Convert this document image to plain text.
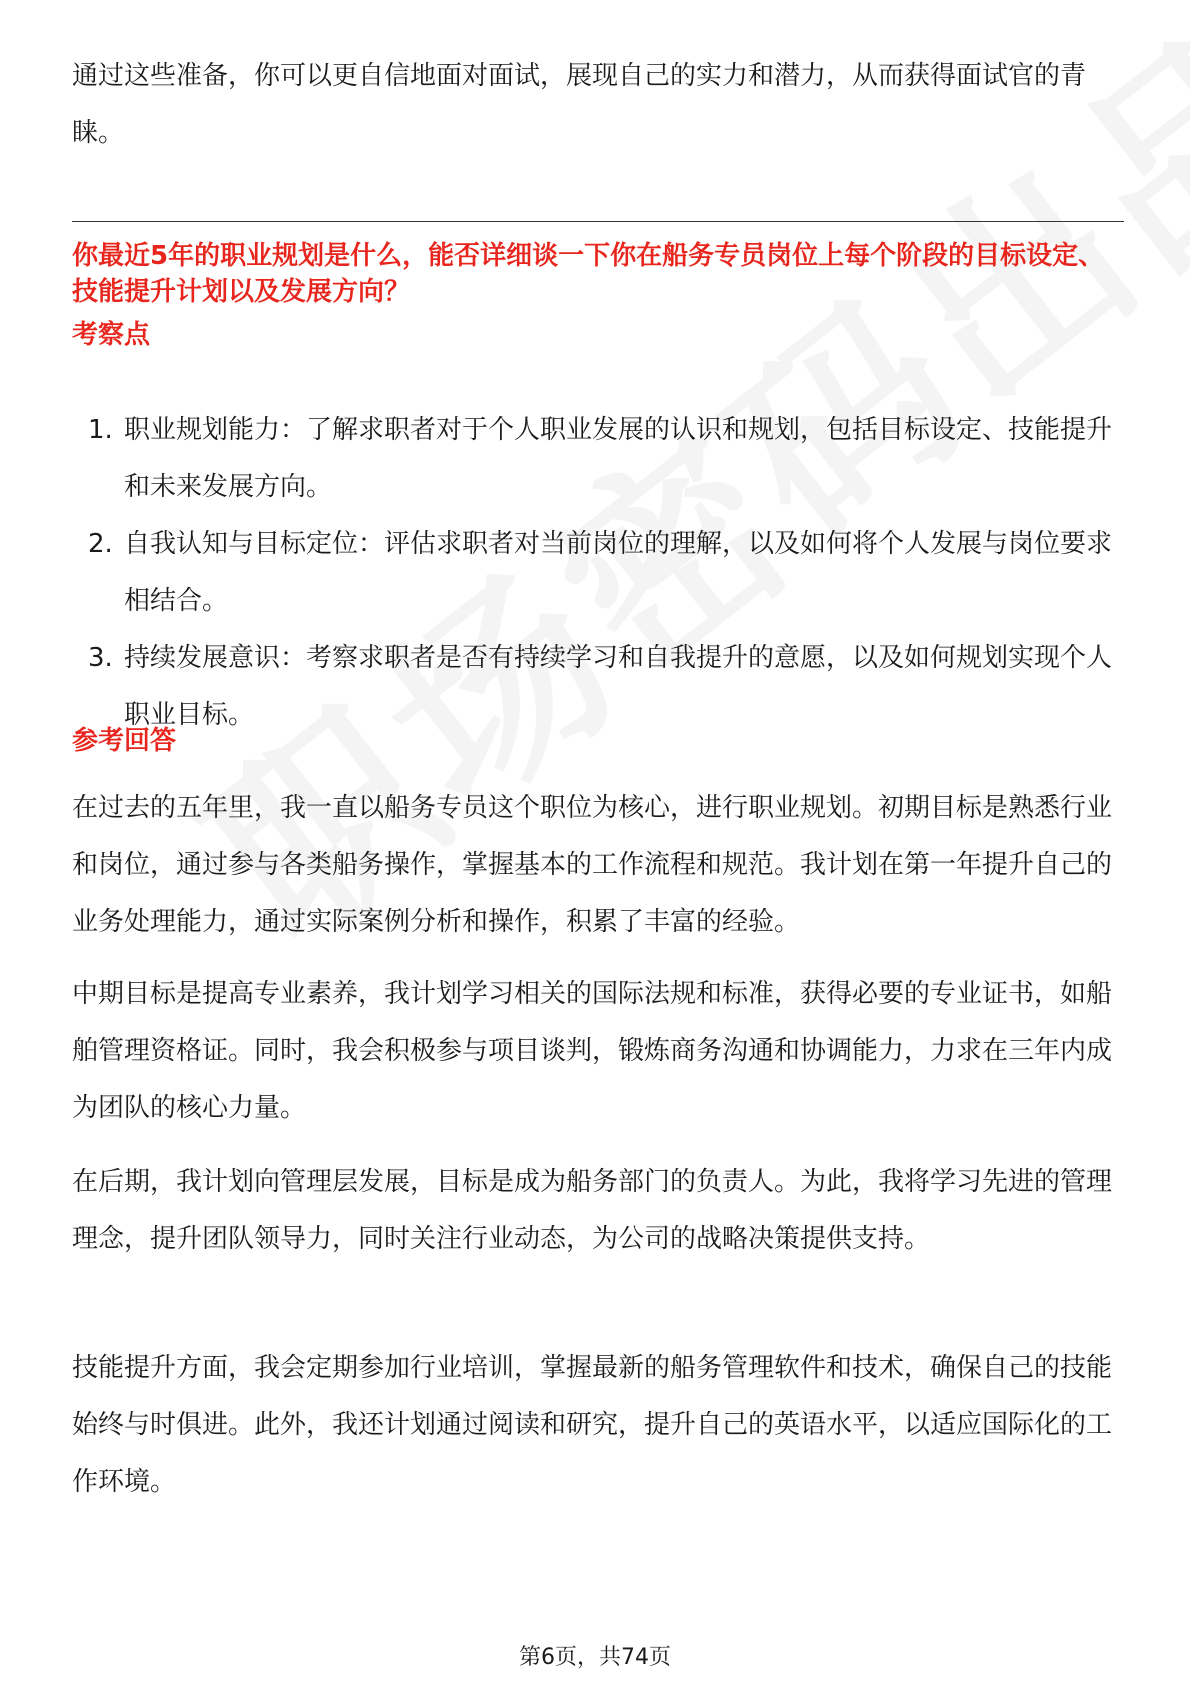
通过这些准备，你可以更自信地面对面试，展现自己的实力和潜力，从而获得面试官的青睐。

你最近5年的职业规划是什么，能否详细谈一下你在船务专员岗位上每个阶段的目标设定、技能提升计划以及发展方向？

考察点

1. 职业规划能力：了解求职者对于个人职业发展的认识和规划，包括目标设定、技能提升和未来发展方向。
2. 自我认知与目标定位：评估求职者对当前岗位的理解，以及如何将个人发展与岗位要求相结合。
3. 持续发展意识：考察求职者是否有持续学习和自我提升的意愿，以及如何规划实现个人职业目标。

参考回答

在过去的五年里，我一直以船务专员这个职位为核心，进行职业规划。初期目标是熟悉行业和岗位，通过参与各类船务操作，掌握基本的工作流程和规范。我计划在第一年提升自己的业务处理能力，通过实际案例分析和操作，积累了丰富的经验。

中期目标是提高专业素养，我计划学习相关的国际法规和标准，获得必要的专业证书，如船舶管理资格证。同时，我会积极参与项目谈判，锻炼商务沟通和协调能力，力求在三年内成为团队的核心力量。

在后期，我计划向管理层发展，目标是成为船务部门的负责人。为此，我将学习先进的管理理念，提升团队领导力，同时关注行业动态，为公司的战略决策提供支持。

技能提升方面，我会定期参加行业培训，掌握最新的船务管理软件和技术，确保自己的技能始终与时俱进。此外，我还计划通过阅读和研究，提升自己的英语水平，以适应国际化的工作环境。

第6页，共74页
